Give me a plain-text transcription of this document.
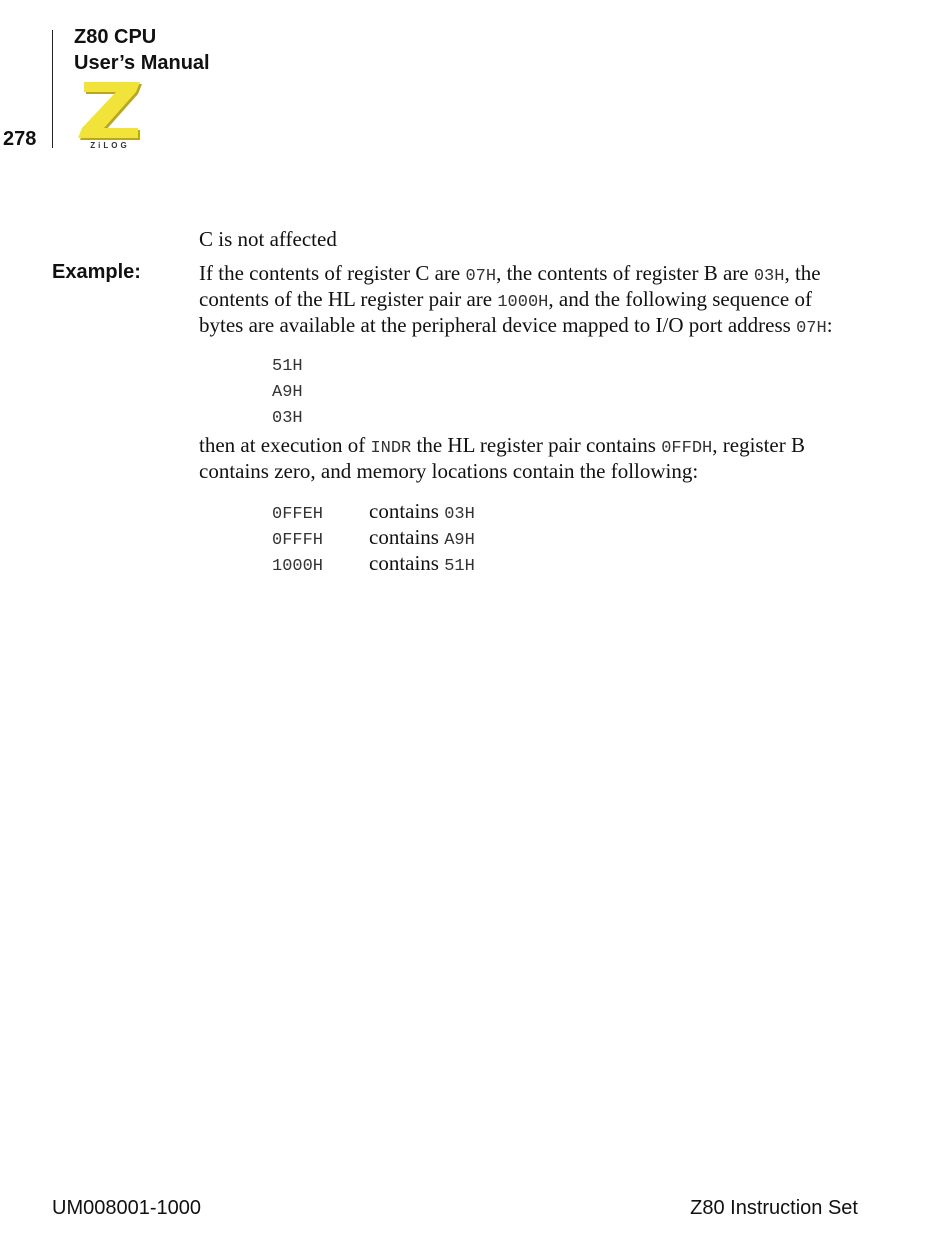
Z80 CPU
User’s Manual
278	ZiLOG
C is not affected
Example:	If the contents of register C are 07H, the contents of register B are 03H, the
contents of the HL register pair are 1000H, and the following sequence of
bytes are available at the peripheral device mapped to I/O port address 07H:
51H
A9H
03H
then at execution of INDR the HL register pair contains 0FFDH, register B
contains zero, and memory locations contain the following:
0FFEH contains 03H
0FFFH contains A9H
1000H contains 51H
UM008001-1000	Z80 Instruction Set
